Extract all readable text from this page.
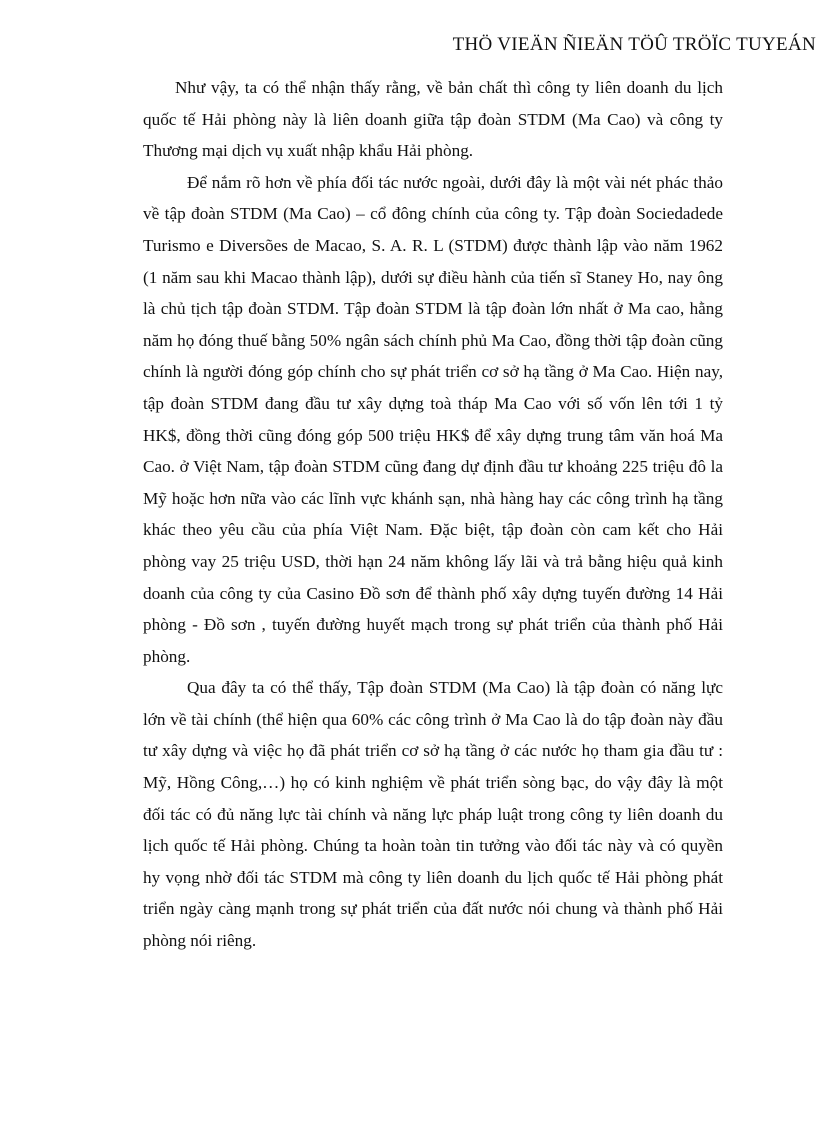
THÖ VIEÄN ÑIEÄN TÖÛ TRÖÏC TUYEÁN

Như vậy, ta có thể nhận thấy rằng, về bản chất thì công ty liên doanh du lịch quốc tế Hải phòng này là liên doanh giữa tập đoàn STDM (Ma Cao) và công ty Thương mại dịch vụ xuất nhập khẩu Hải phòng.

Để nắm rõ hơn về phía đối tác nước ngoài, dưới đây là một vài nét phác thảo về tập đoàn STDM (Ma Cao) – cổ đông chính của công ty. Tập đoàn Sociedadede Turismo e Diversões de Macao, S. A. R. L (STDM) được thành lập vào năm 1962 (1 năm sau khi Macao thành lập), dưới sự điều hành của tiến sĩ Staney Ho, nay ông là chủ tịch tập đoàn STDM. Tập đoàn STDM là tập đoàn lớn nhất ở Ma cao, hằng năm họ đóng thuế bằng 50% ngân sách chính phủ Ma Cao, đồng thời tập đoàn cũng chính là người đóng góp chính cho sự phát triển cơ sở hạ tầng ở Ma Cao. Hiện nay, tập đoàn STDM đang đầu tư xây dựng toà tháp Ma Cao với số vốn lên tới 1 tỷ HK$, đồng thời cũng đóng góp 500 triệu HK$ để xây dựng trung tâm văn hoá Ma Cao. ở Việt Nam, tập đoàn STDM cũng đang dự định đầu tư khoảng 225 triệu đô la Mỹ hoặc hơn nữa vào các lĩnh vực khánh sạn, nhà hàng hay các công trình hạ tầng khác theo yêu cầu của phía Việt Nam. Đặc biệt, tập đoàn còn cam kết cho Hải phòng vay 25 triệu USD, thời hạn 24 năm không lấy lãi và trả bằng hiệu quả kinh doanh của công ty của Casino Đồ sơn để thành phố xây dựng tuyến đường 14 Hải phòng - Đồ sơn , tuyến đường huyết mạch trong sự phát triển của thành phố Hải phòng.

Qua đây ta có thể thấy, Tập đoàn STDM (Ma Cao) là tập đoàn có năng lực lớn về tài chính (thể hiện qua 60% các công trình ở Ma Cao là do tập đoàn này đầu tư xây dựng và việc họ đã phát triển cơ sở hạ tầng ở các nước họ tham gia đầu tư : Mỹ, Hồng Công,…) họ có kinh nghiệm về phát triển sòng bạc, do vậy đây là một đối tác có đủ năng lực tài chính và năng lực pháp luật trong công ty liên doanh du lịch quốc tế Hải phòng. Chúng ta hoàn toàn tin tưởng vào đối tác này và có quyền hy vọng nhờ đối tác STDM mà công ty liên doanh du lịch quốc tế Hải phòng phát triển ngày càng mạnh trong sự phát triển của đất nước nói chung và thành phố Hải phòng nói riêng.
